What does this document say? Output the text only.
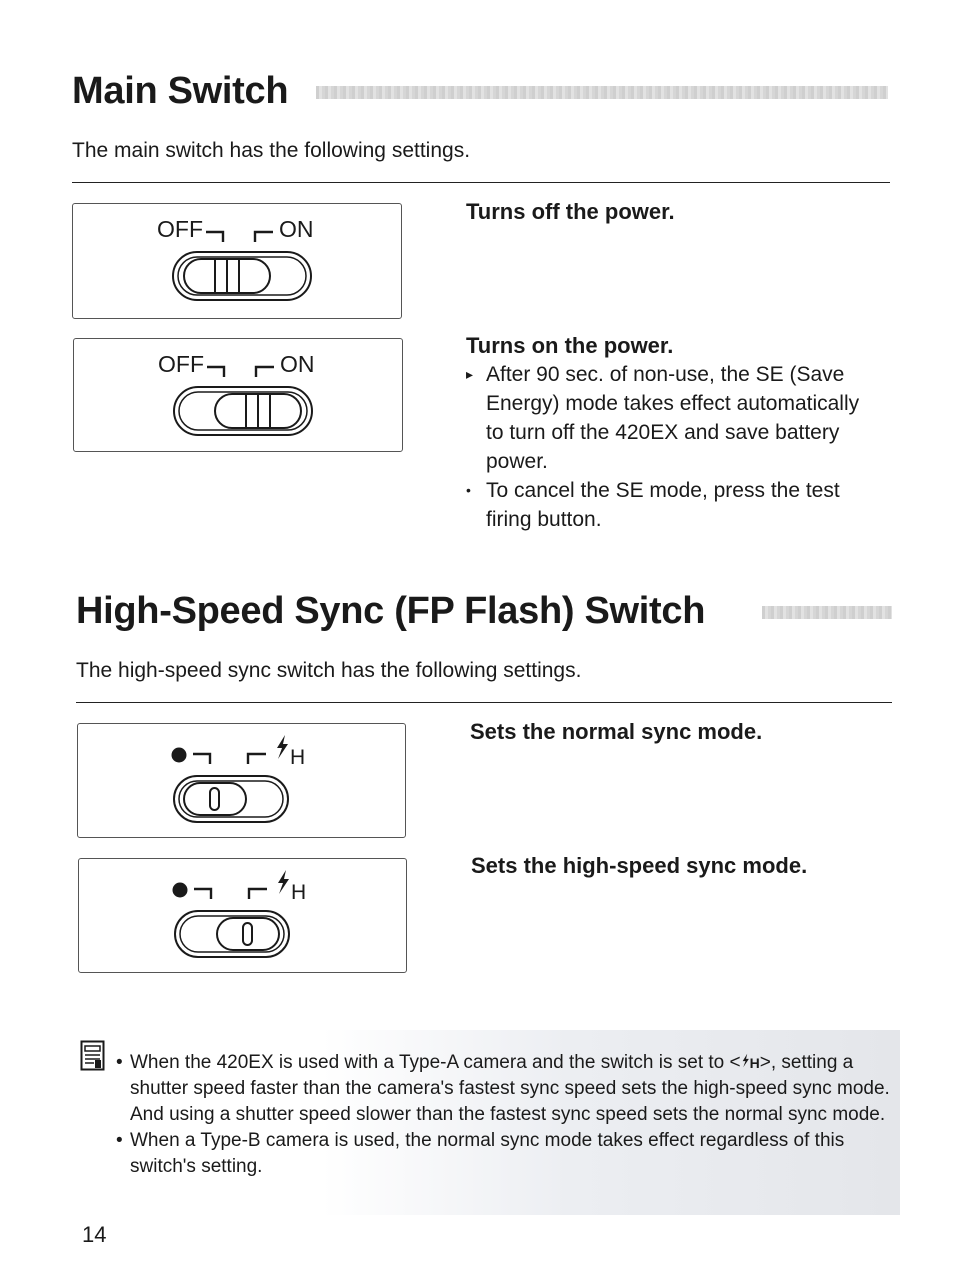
Main Switch
The main switch has the following settings.
OFF	ON
Turns off the power.
OFF	ON
Turns on the power.
▸ After 90 sec. of non-use, the SE (Save Energy) mode takes effect automatically to turn off the 420EX and save battery power.
• To cancel the SE mode, press the test firing button.
High-Speed Sync (FP Flash) Switch
The high-speed sync switch has the following settings.
H
Sets the normal sync mode.
H
Sets the high-speed sync mode.
• When the 420EX is used with a Type-A camera and the switch is set to < H>, setting a shutter speed faster than the camera's fastest sync speed sets the high-speed sync mode. And using a shutter speed slower than the fastest sync speed sets the normal sync mode.
• When a Type-B camera is used, the normal sync mode takes effect regardless of this switch's setting.
14
